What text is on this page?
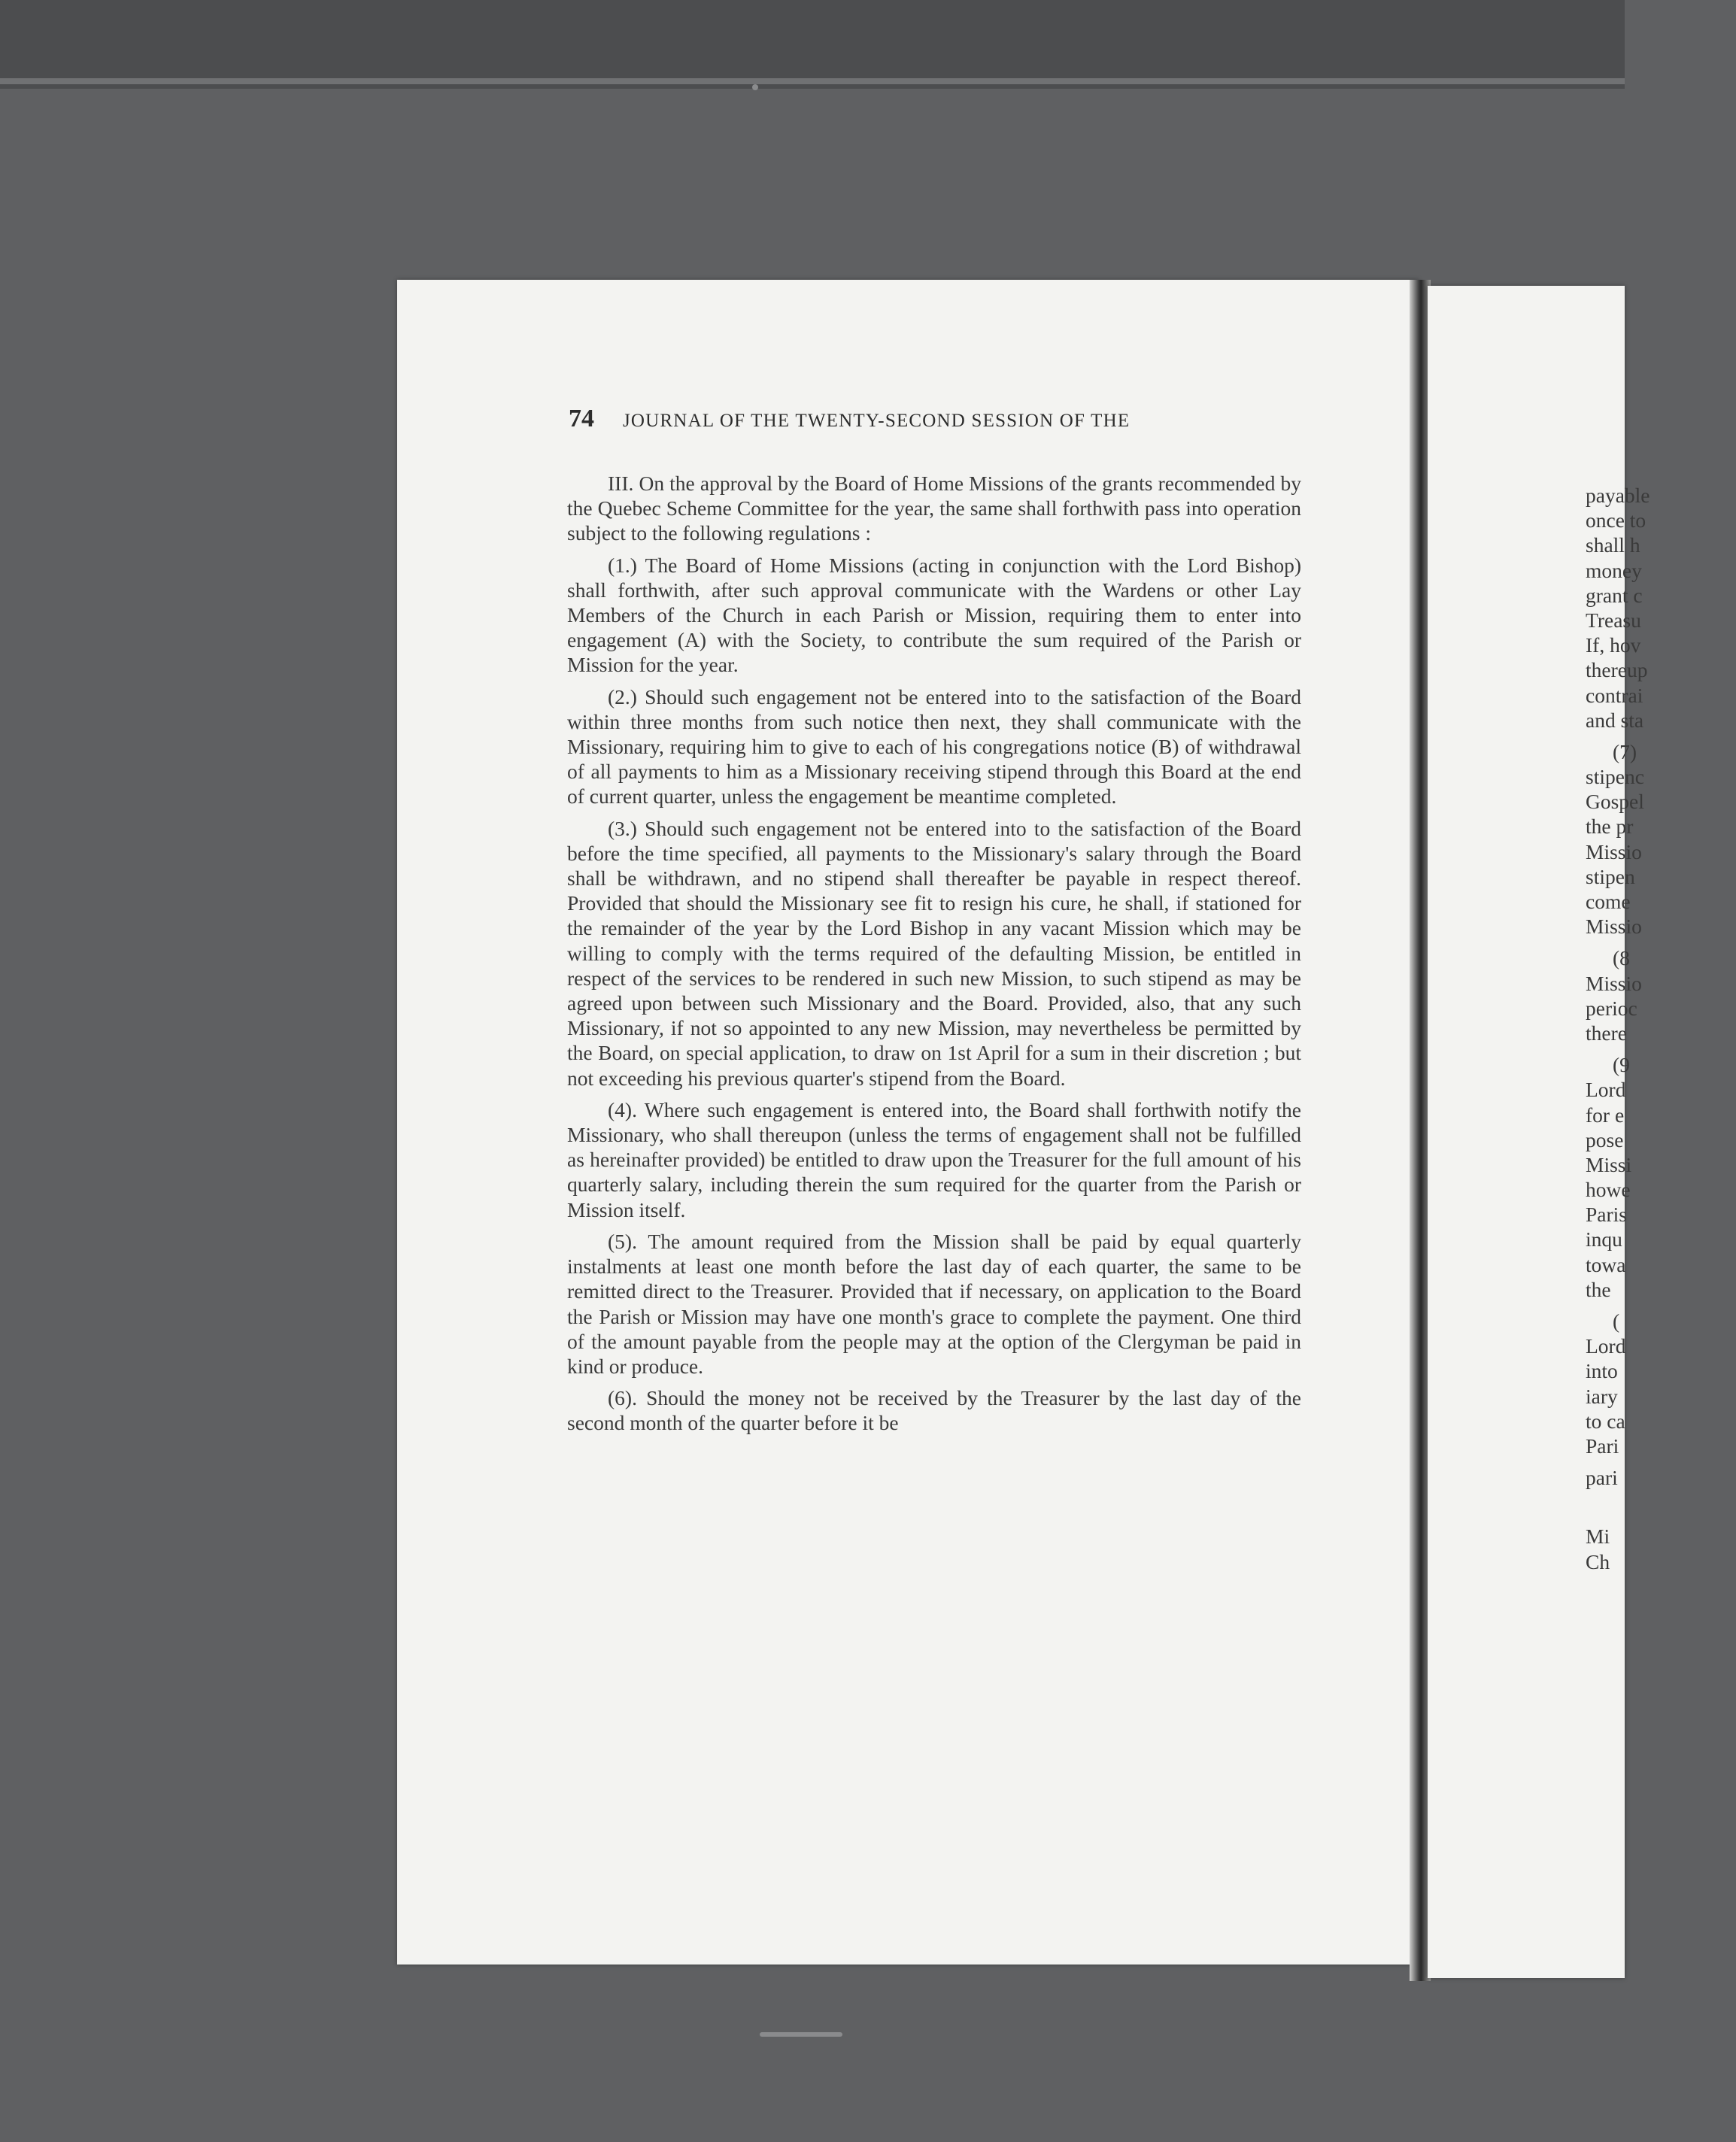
74 JOURNAL OF THE TWENTY-SECOND SESSION OF THE

III. On the approval by the Board of Home Missions of the grants recommended by the Quebec Scheme Committee for the year, the same shall forthwith pass into operation subject to the following regulations :

(1.) The Board of Home Missions (acting in conjunction with the Lord Bishop) shall forthwith, after such approval communicate with the Wardens or other Lay Members of the Church in each Parish or Mission, requiring them to enter into engagement (A) with the Society, to contribute the sum required of the Parish or Mission for the year.

(2.) Should such engagement not be entered into to the satisfaction of the Board within three months from such notice then next, they shall communicate with the Missionary, requiring him to give to each of his congregations notice (B) of withdrawal of all payments to him as a Missionary receiving stipend through this Board at the end of current quarter, unless the engagement be meantime completed.

(3.) Should such engagement not be entered into to the satisfaction of the Board before the time specified, all payments to the Missionary's salary through the Board shall be withdrawn, and no stipend shall thereafter be payable in respect thereof. Provided that should the Missionary see fit to resign his cure, he shall, if stationed for the remainder of the year by the Lord Bishop in any vacant Mission which may be willing to comply with the terms required of the defaulting Mission, be entitled in respect of the services to be rendered in such new Mission, to such stipend as may be agreed upon between such Missionary and the Board. Provided, also, that any such Missionary, if not so appointed to any new Mission, may nevertheless be permitted by the Board, on special application, to draw on 1st April for a sum in their discretion ; but not exceeding his previous quarter's stipend from the Board.

(4). Where such engagement is entered into, the Board shall forthwith notify the Missionary, who shall thereupon (unless the terms of engagement shall not be fulfilled as hereinafter provided) be entitled to draw upon the Treasurer for the full amount of his quarterly salary, including therein the sum required for the quarter from the Parish or Mission itself.

(5). The amount required from the Mission shall be paid by equal quarterly instalments at least one month before the last day of each quarter, the same to be remitted direct to the Treasurer. Provided that if necessary, on application to the Board the Parish or Mission may have one month's grace to complete the payment. One third of the amount payable from the people may at the option of the Clergyman be paid in kind or produce.

(6). Should the money not be received by the Treasurer by the last day of the second month of the quarter before it be

payable
once to
shall h
money
grant c
Treasu
If, hov
thereup
contrai
and sta
(7)
stipenc
Gospel
the pr
Missio
stipen
come
Missio
(8
Missio
perioc
there
(9
Lord
for e
pose
Missi
howe
Paris
inqu
towa
the
(
Lord
into
iary
to ca
Pari
pari
Mi
Ch
